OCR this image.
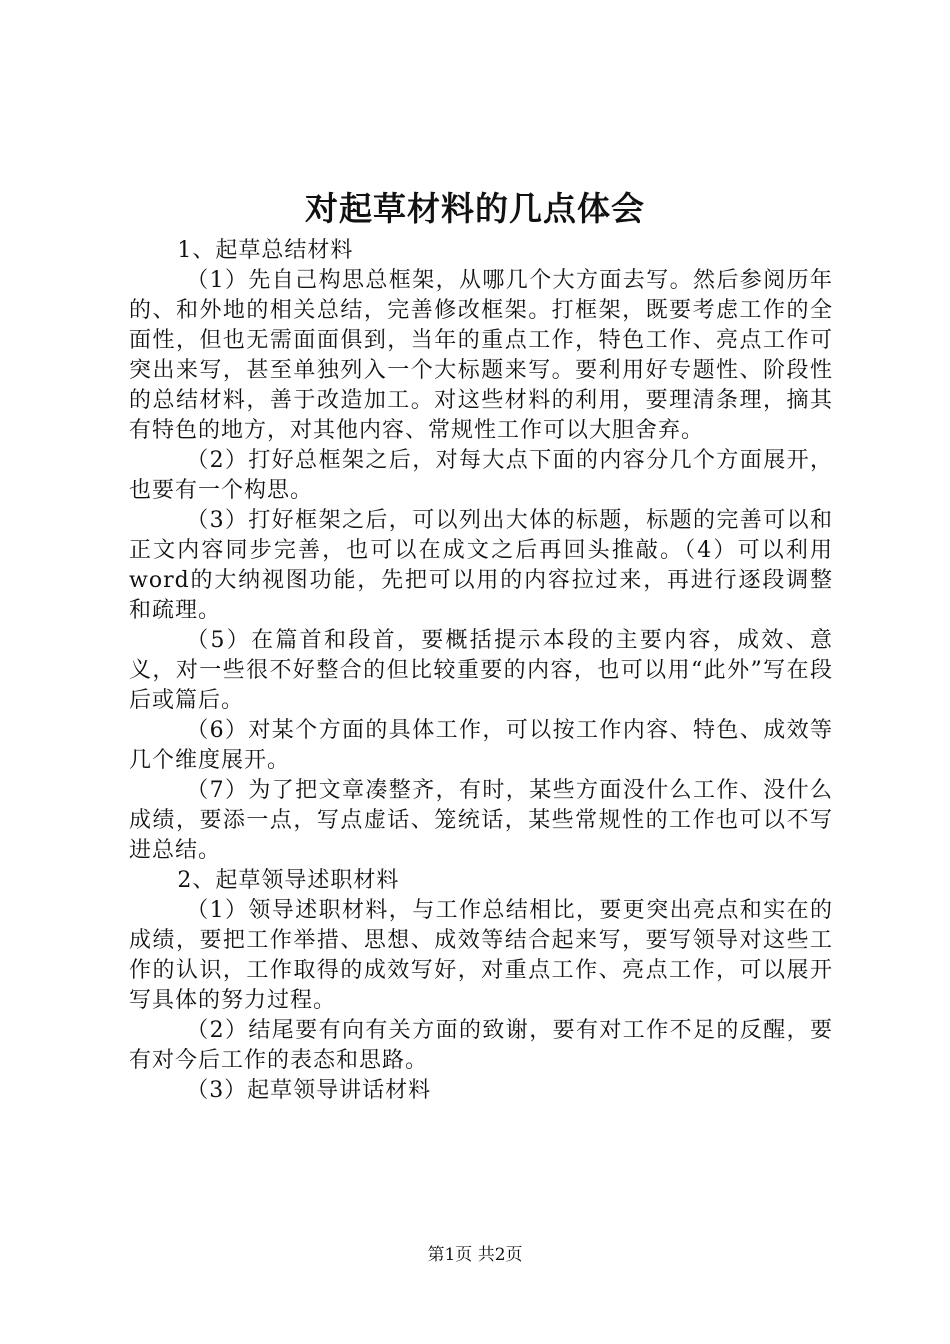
对起草材料的几点体会

1、起草总结材料

（1）先自己构思总框架，从哪几个大方面去写。然后参阅历年的、和外地的相关总结，完善修改框架。打框架，既要考虑工作的全面性，但也无需面面俱到，当年的重点工作，特色工作、亮点工作可突出来写，甚至单独列入一个大标题来写。要利用好专题性、阶段性的总结材料，善于改造加工。对这些材料的利用，要理清条理，摘其有特色的地方，对其他内容、常规性工作可以大胆舍弃。

（2）打好总框架之后，对每大点下面的内容分几个方面展开，也要有一个构思。

（3）打好框架之后，可以列出大体的标题，标题的完善可以和正文内容同步完善，也可以在成文之后再回头推敲。（4）可以利用word的大纳视图功能，先把可以用的内容拉过来，再进行逐段调整和疏理。

（5）在篇首和段首，要概括提示本段的主要内容，成效、意义，对一些很不好整合的但比较重要的内容，也可以用“此外”写在段后或篇后。

（6）对某个方面的具体工作，可以按工作内容、特色、成效等几个维度展开。

（7）为了把文章凑整齐，有时，某些方面没什么工作、没什么成绩，要添一点，写点虚话、笼统话，某些常规性的工作也可以不写进总结。

2、起草领导述职材料

（1）领导述职材料，与工作总结相比，要更突出亮点和实在的成绩，要把工作举措、思想、成效等结合起来写，要写领导对这些工作的认识，工作取得的成效写好，对重点工作、亮点工作，可以展开写具体的努力过程。

（2）结尾要有向有关方面的致谢，要有对工作不足的反醒，要有对今后工作的表态和思路。

（3）起草领导讲话材料

第1页 共2页
